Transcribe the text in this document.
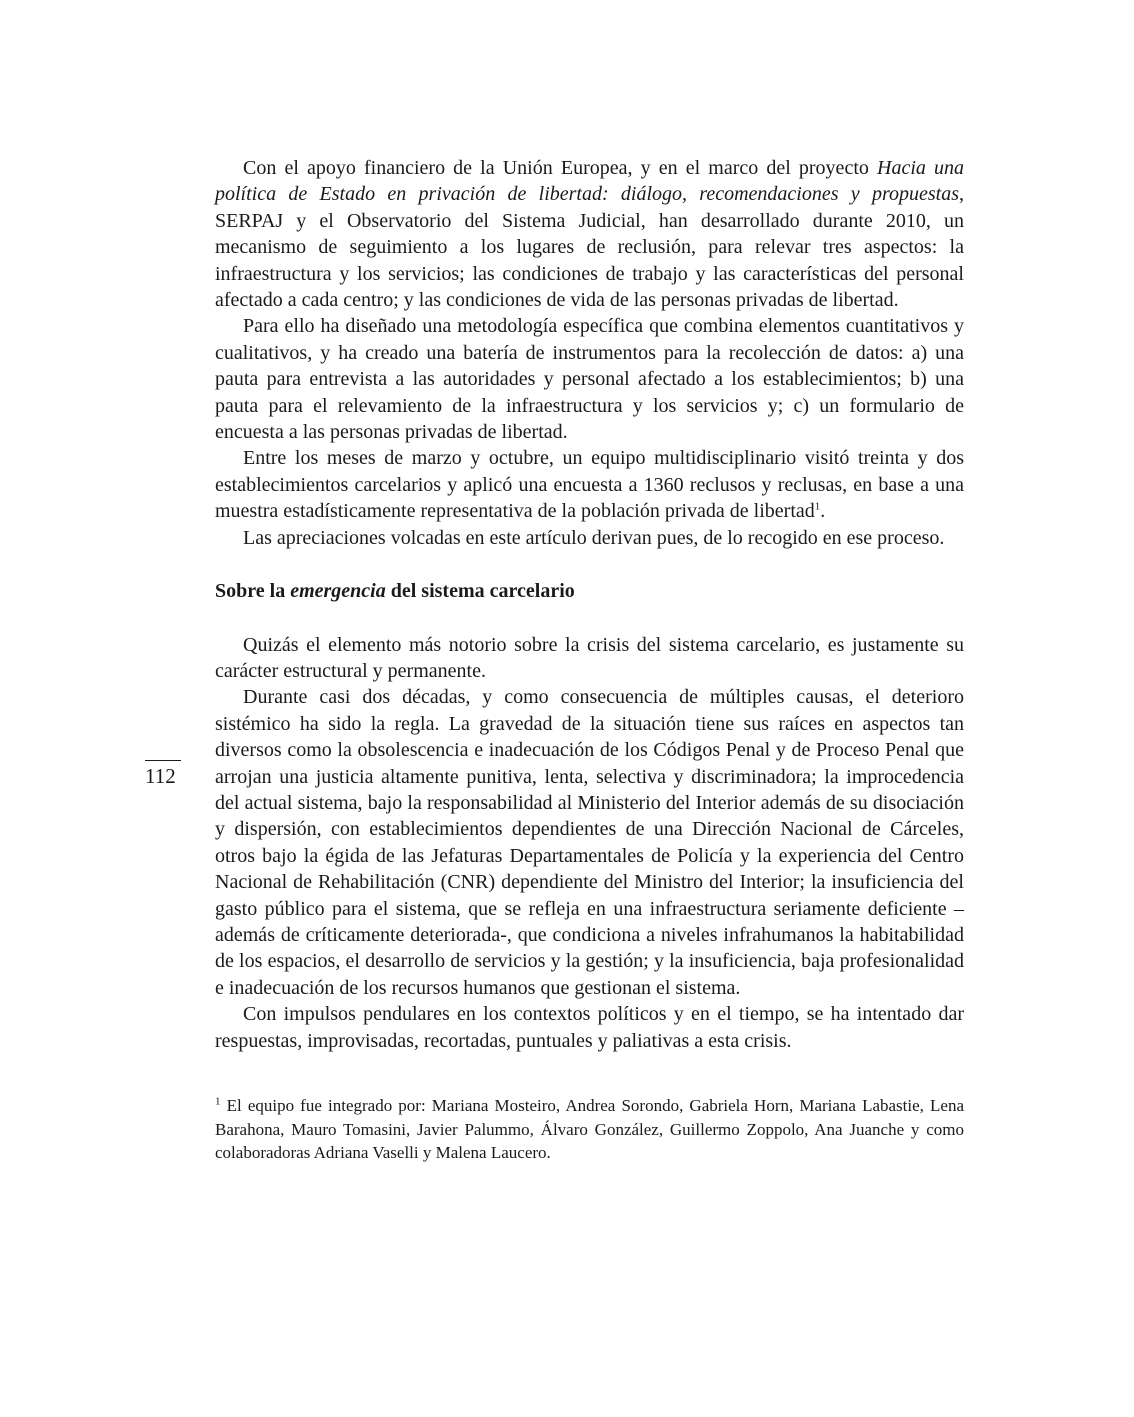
Con el apoyo financiero de la Unión Europea, y en el marco del proyecto Hacia una política de Estado en privación de libertad: diálogo, recomendaciones y propuestas, SERPAJ y el Observatorio del Sistema Judicial, han desarrollado durante 2010, un mecanismo de seguimiento a los lugares de reclusión, para relevar tres aspectos: la infraestructura y los servicios; las condiciones de trabajo y las características del personal afectado a cada centro; y las condiciones de vida de las personas privadas de libertad.

Para ello ha diseñado una metodología específica que combina elementos cuantitativos y cualitativos, y ha creado una batería de instrumentos para la recolección de datos: a) una pauta para entrevista a las autoridades y personal afectado a los establecimientos; b) una pauta para el relevamiento de la infraestructura y los servicios y; c) un formulario de encuesta a las personas privadas de libertad.

Entre los meses de marzo y octubre, un equipo multidisciplinario visitó treinta y dos establecimientos carcelarios y aplicó una encuesta a 1360 reclusos y reclusas, en base a una muestra estadísticamente representativa de la población privada de libertad$^1$.

Las apreciaciones volcadas en este artículo derivan pues, de lo recogido en ese proceso.

Sobre la emergencia del sistema carcelario

Quizás el elemento más notorio sobre la crisis del sistema carcelario, es justamente su carácter estructural y permanente.

Durante casi dos décadas, y como consecuencia de múltiples causas, el deterioro sistémico ha sido la regla. La gravedad de la situación tiene sus raíces en aspectos tan diversos como la obsolescencia e inadecuación de los Códigos Penal y de Proceso Penal que arrojan una justicia altamente punitiva, lenta, selectiva y discriminadora; la improcedencia del actual sistema, bajo la responsabilidad al Ministerio del Interior además de su disociación y dispersión, con establecimientos dependientes de una Dirección Nacional de Cárceles, otros bajo la égida de las Jefaturas Departamentales de Policía y la experiencia del Centro Nacional de Rehabilitación (CNR) dependiente del Ministro del Interior; la insuficiencia del gasto público para el sistema, que se refleja en una infraestructura seriamente deficiente –además de críticamente deteriorada-, que condiciona a niveles infrahumanos la habitabilidad de los espacios, el desarrollo de servicios y la gestión; y la insuficiencia, baja profesionalidad e inadecuación de los recursos humanos que gestionan el sistema.

Con impulsos pendulares en los contextos políticos y en el tiempo, se ha intentado dar respuestas, improvisadas, recortadas, puntuales y paliativas a esta crisis.

$^1$ El equipo fue integrado por: Mariana Mosteiro, Andrea Sorondo, Gabriela Horn, Mariana Labastie, Lena Barahona, Mauro Tomasini, Javier Palummo, Álvaro González, Guillermo Zoppolo, Ana Juanche y como colaboradoras Adriana Vaselli y Malena Laucero.

112
